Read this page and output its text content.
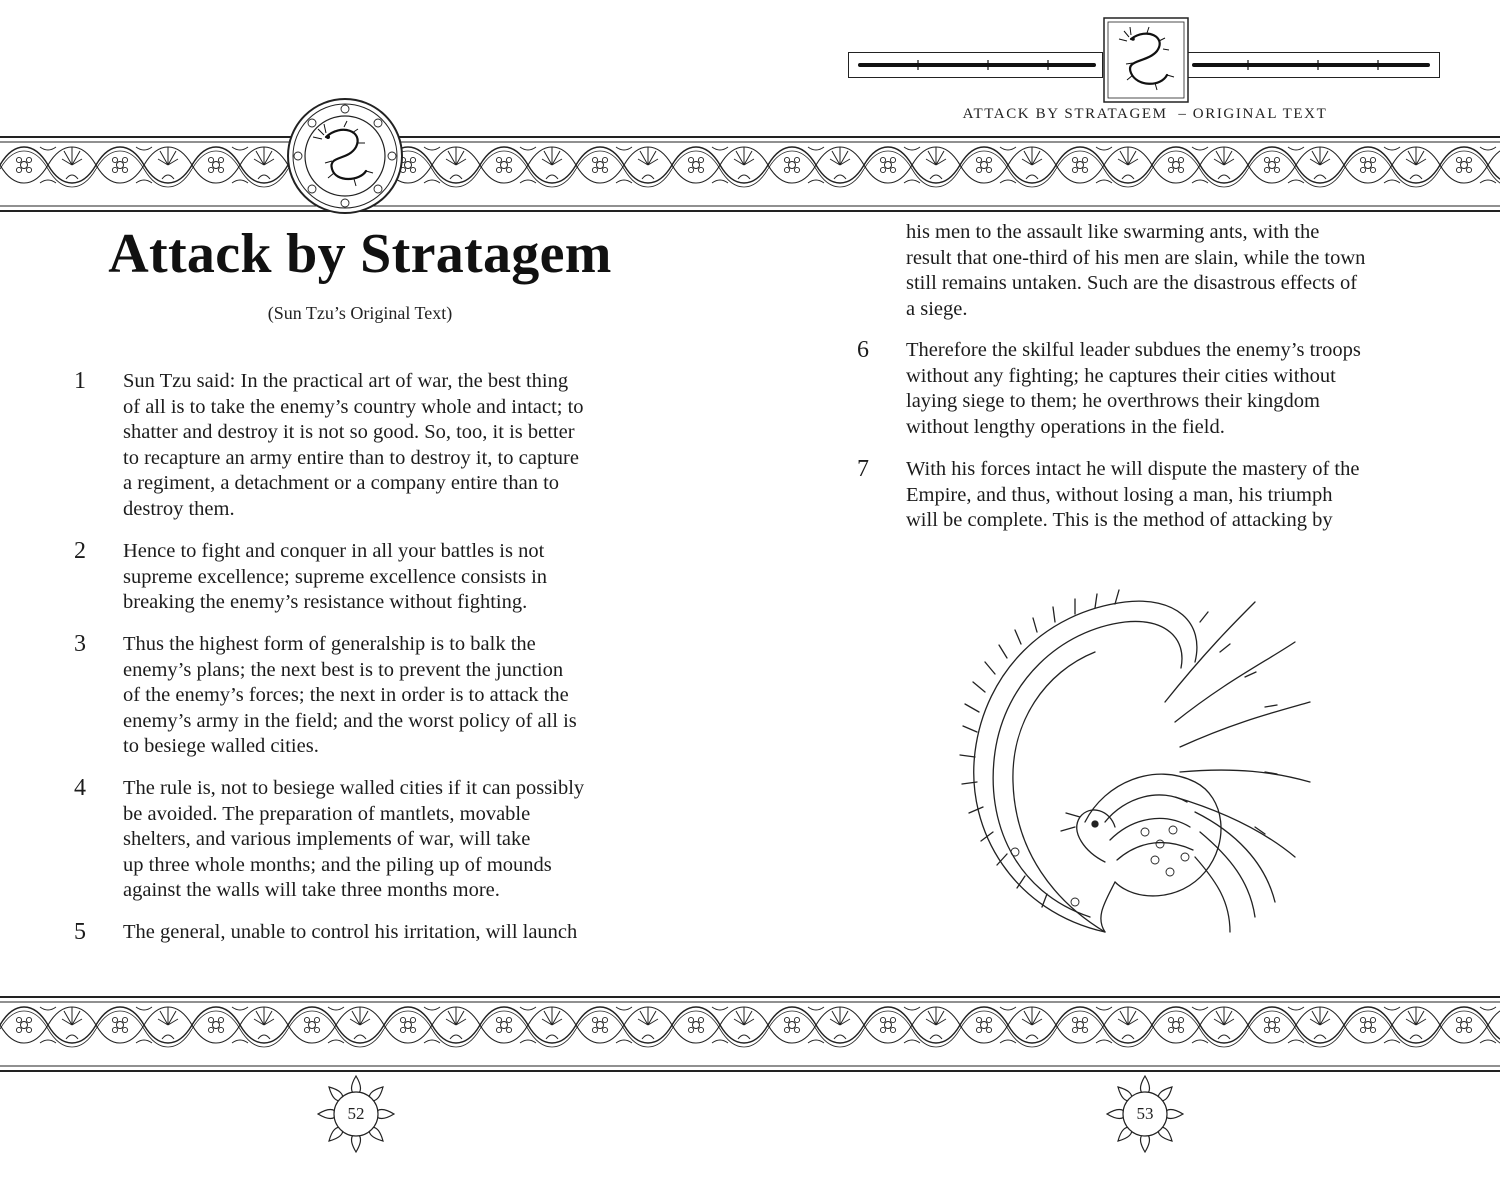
ATTACK BY STRATAGEM – ORIGINAL TEXT
Attack by Stratagem
(Sun Tzu’s Original Text)
1 Sun Tzu said: In the practical art of war, the best thing
of all is to take the enemy’s country whole and intact; to
shatter and destroy it is not so good. So, too, it is better
to recapture an army entire than to destroy it, to capture
a regiment, a detachment or a company entire than to
destroy them.
2 Hence to fight and conquer in all your battles is not
supreme excellence; supreme excellence consists in
breaking the enemy’s resistance without fighting.
3 Thus the highest form of generalship is to balk the
enemy’s plans; the next best is to prevent the junction
of the enemy’s forces; the next in order is to attack the
enemy’s army in the field; and the worst policy of all is
to besiege walled cities.
4 The rule is, not to besiege walled cities if it can possibly
be avoided. The preparation of mantlets, movable
shelters, and various implements of war, will take
up three whole months; and the piling up of mounds
against the walls will take three months more.
5 The general, unable to control his irritation, will launch
his men to the assault like swarming ants, with the
result that one-third of his men are slain, while the town
still remains untaken. Such are the disastrous effects of
a siege.
6 Therefore the skilful leader subdues the enemy’s troops
without any fighting; he captures their cities without
laying siege to them; he overthrows their kingdom
without lengthy operations in the field.
7 With his forces intact he will dispute the mastery of the
Empire, and thus, without losing a man, his triumph
will be complete. This is the method of attacking by
52	53
